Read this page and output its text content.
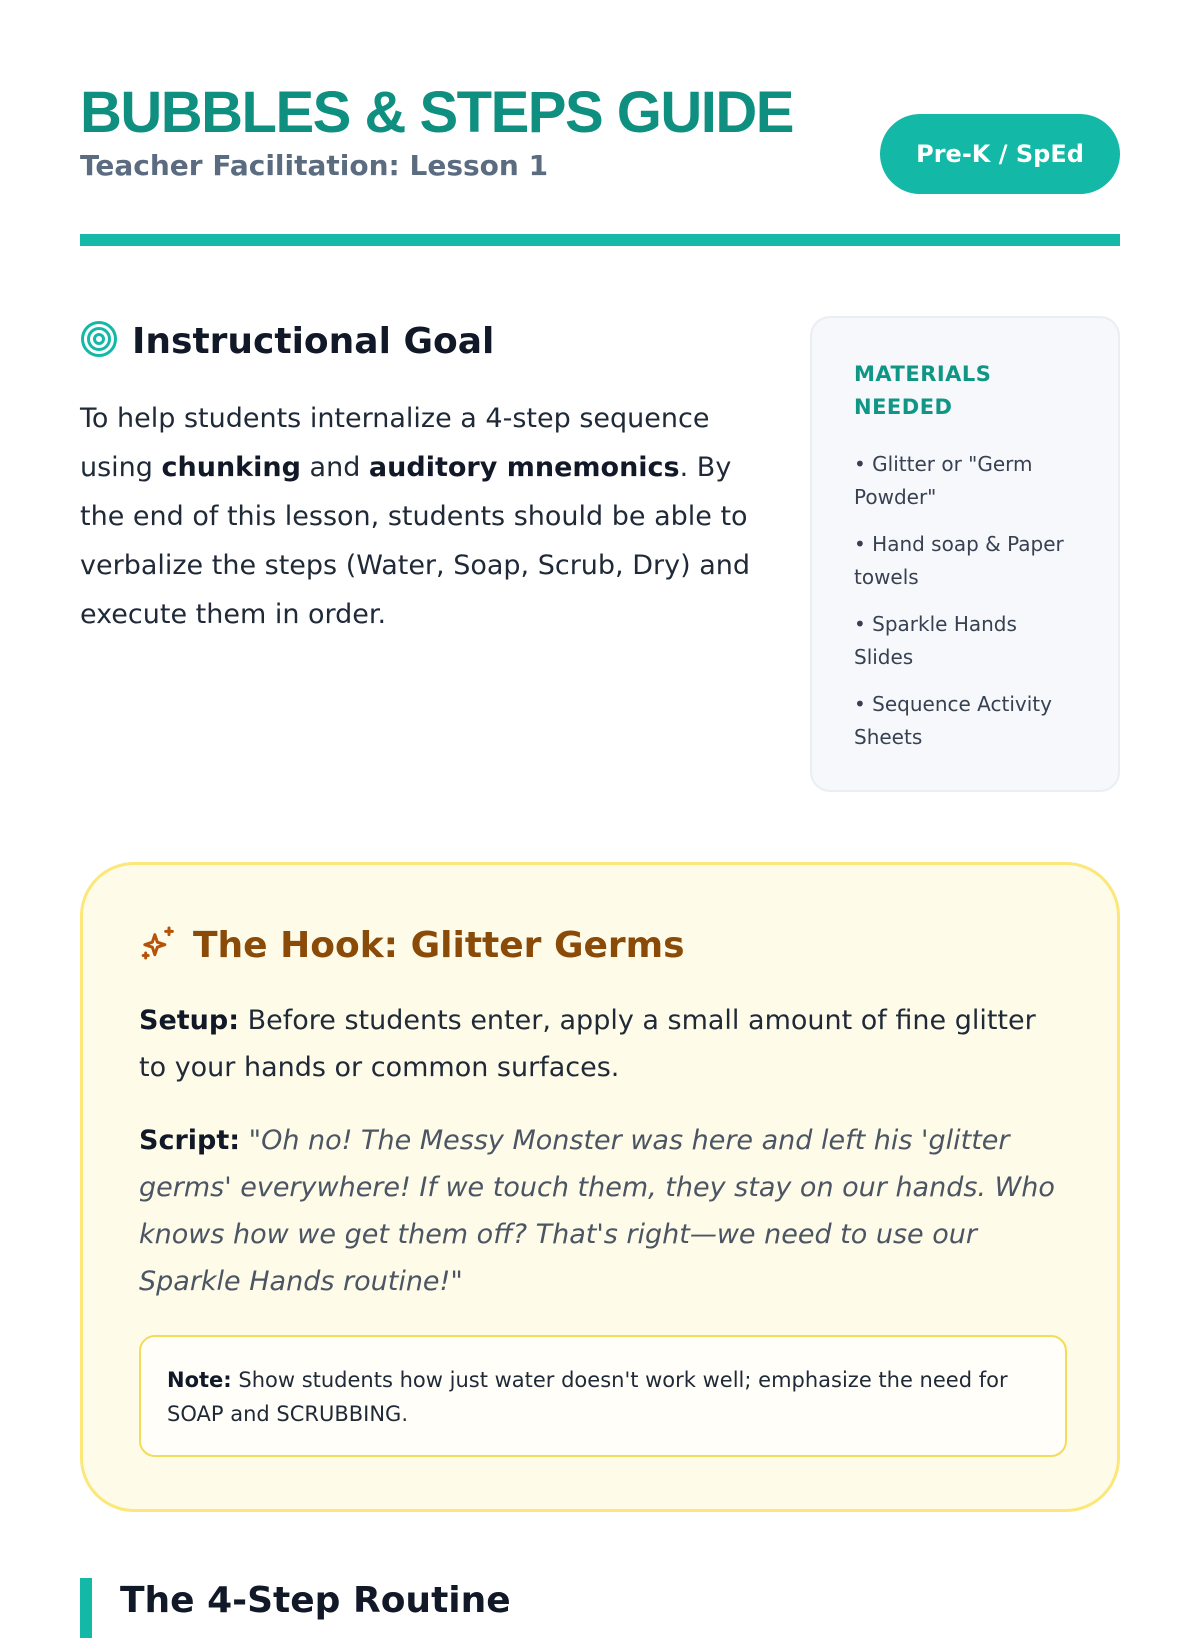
BUBBLES & STEPS GUIDE
Teacher Facilitation: Lesson 1	Pre-K / SpEd
Instructional Goal

To help students internalize a 4-step sequence using chunking and auditory mnemonics. By the end of this lesson, students should be able to verbalize the steps (Water, Soap, Scrub, Dry) and execute them in order.

MATERIALS NEEDED
• Glitter or "Germ Powder"
• Hand soap & Paper towels
• Sparkle Hands Slides
• Sequence Activity Sheets
The Hook: Glitter Germs

Setup: Before students enter, apply a small amount of fine glitter to your hands or common surfaces.

Script: "Oh no! The Messy Monster was here and left his 'glitter germs' everywhere! If we touch them, they stay on our hands. Who knows how we get them off? That's right—we need to use our Sparkle Hands routine!"

Note: Show students how just water doesn't work well; emphasize the need for SOAP and SCRUBBING.
The 4-Step Routine
